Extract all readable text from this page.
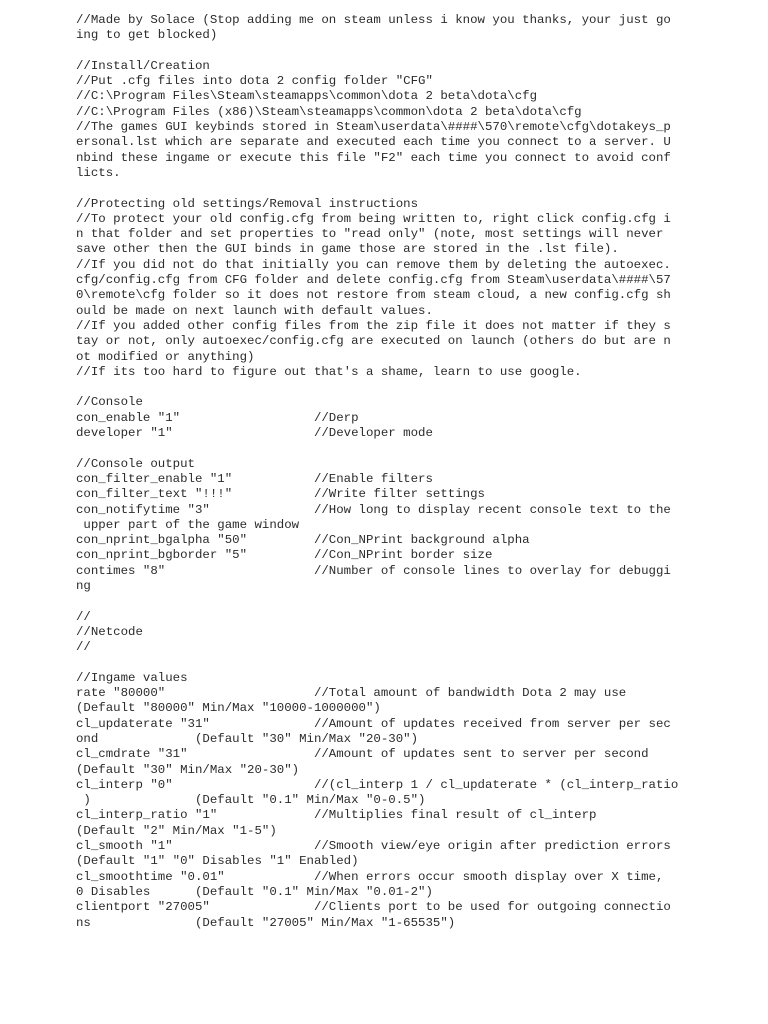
//Made by Solace (Stop adding me on steam unless i know you thanks, your just go
ing to get blocked)
//Install/Creation
//Put .cfg files into dota 2 config folder "CFG"
//C:\Program Files\Steam\steamapps\common\dota 2 beta\dota\cfg
//C:\Program Files (x86)\Steam\steamapps\common\dota 2 beta\dota\cfg
//The games GUI keybinds stored in Steam\userdata\####\570\remote\cfg\dotakeys_p
ersonal.lst which are separate and executed each time you connect to a server. U
nbind these ingame or execute this file "F2" each time you connect to avoid conf
licts.
//Protecting old settings/Removal instructions
//To protect your old config.cfg from being written to, right click config.cfg i
n that folder and set properties to "read only" (note, most settings will never
save other then the GUI binds in game those are stored in the .lst file).
//If you did not do that initially you can remove them by deleting the autoexec.
cfg/config.cfg from CFG folder and delete config.cfg from Steam\userdata\####\57
0\remote\cfg folder so it does not restore from steam cloud, a new config.cfg sh
ould be made on next launch with default values.
//If you added other config files from the zip file it does not matter if they s
tay or not, only autoexec/config.cfg are executed on launch (others do but are n
ot modified or anything)
//If its too hard to figure out that's a shame, learn to use google.
//Console
con_enable "1"                  //Derp
developer "1"                   //Developer mode
//Console output
con_filter_enable "1"           //Enable filters
con_filter_text "!!!"           //Write filter settings
con_notifytime "3"              //How long to display recent console text to the
upper part of the game window
con_nprint_bgalpha "50"         //Con_NPrint background alpha
con_nprint_bgborder "5"         //Con_NPrint border size
contimes "8"                    //Number of console lines to overlay for debuggi
ng
//
//Netcode
//
//Ingame values
rate "80000"                    //Total amount of bandwidth Dota 2 may use
(Default "80000" Min/Max "10000-1000000")
cl_updaterate "31"              //Amount of updates received from server per sec
ond             (Default "30" Min/Max "20-30")
cl_cmdrate "31"                 //Amount of updates sent to server per second
(Default "30" Min/Max "20-30")
cl_interp "0"                   //(cl_interp 1 / cl_updaterate * (cl_interp_ratio
)              (Default "0.1" Min/Max "0-0.5")
cl_interp_ratio "1"             //Multiplies final result of cl_interp
(Default "2" Min/Max "1-5")
cl_smooth "1"                   //Smooth view/eye origin after prediction errors
(Default "1" "0" Disables "1" Enabled)
cl_smoothtime "0.01"            //When errors occur smooth display over X time,
0 Disables      (Default "0.1" Min/Max "0.01-2")
clientport "27005"              //Clients port to be used for outgoing connectio
ns              (Default "27005" Min/Max "1-65535")
